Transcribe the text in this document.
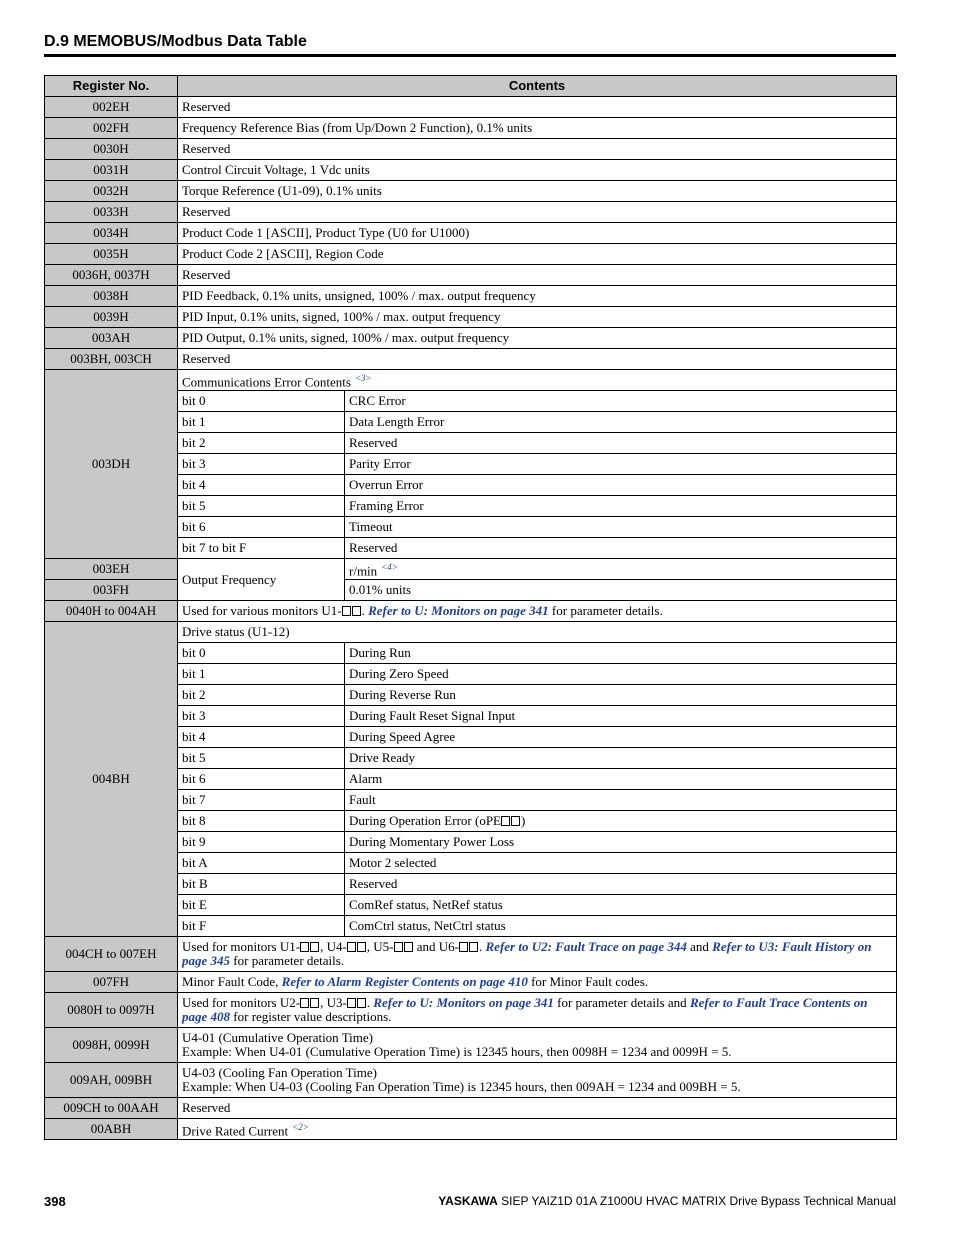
D.9 MEMOBUS/Modbus Data Table
Register No.	Contents	
002EH	Reserved	
002FH	Frequency Reference Bias (from Up/Down 2 Function), 0.1% units	
0030H	Reserved	
0031H	Control Circuit Voltage, 1 Vdc units	
0032H	Torque Reference (U1-09), 0.1% units	
0033H	Reserved	
0034H	Product Code 1 [ASCII], Product Type (U0 for U1000)	
0035H	Product Code 2 [ASCII], Region Code	
0036H, 0037H	Reserved	
0038H	PID Feedback, 0.1% units, unsigned, 100% / max. output frequency	
0039H	PID Input, 0.1% units, signed, 100% / max. output frequency	
003AH	PID Output, 0.1% units, signed, 100% / max. output frequency	
003BH, 003CH	Reserved	
003DH	Communications Error Contents $^{<3>}$
	bit 0	CRC Error
	bit 1	Data Length Error
	bit 2	Reserved
	bit 3	Parity Error
	bit 4	Overrun Error
	bit 5	Framing Error
	bit 6	Timeout
	bit 7 to bit F	Reserved
003EH	Output Frequency	r/min $^{<4>}$
003FH		0.01% units
0040H to 004AH	Used for various monitors U1- . Refer to U: Monitors on page 341 for parameter details.	
004BH	Drive status (U1-12)	
	bit 0	During Run
	bit 1	During Zero Speed
	bit 2	During Reverse Run
	bit 3	During Fault Reset Signal Input
	bit 4	During Speed Agree
	bit 5	Drive Ready
	bit 6	Alarm
	bit 7	Fault
	bit 8	During Operation Error (oPE )
	bit 9	During Momentary Power Loss
	bit A	Motor 2 selected
	bit B	Reserved
	bit E	ComRef status, NetRef status
	bit F	ComCtrl status, NetCtrl status
004CH to 007EH	Used for monitors U1- , U4- , U5- and U6- . Refer to U2: Fault Trace on page 344 and Refer to U3: Fault History on page 345 for parameter details.	
007FH	Minor Fault Code, Refer to Alarm Register Contents on page 410 for Minor Fault codes.	
0080H to 0097H	Used for monitors U2- , U3- . Refer to U: Monitors on page 341 for parameter details and Refer to Fault Trace Contents on page 408 for register value descriptions.	
0098H, 0099H	U4-01 (Cumulative Operation Time)
Example: When U4-01 (Cumulative Operation Time) is 12345 hours, then 0098H = 1234 and 0099H = 5.	

009AH, 009BH	U4-03 (Cooling Fan Operation Time)
Example: When U4-03 (Cooling Fan Operation Time) is 12345 hours, then 009AH = 1234 and 009BH = 5.	

009CH to 00AAH	Reserved	
00ABH	Drive Rated Current $^{<2>}$
398	YASKAWA SIEP YAIZ1D 01A Z1000U HVAC MATRIX Drive Bypass Technical Manual
